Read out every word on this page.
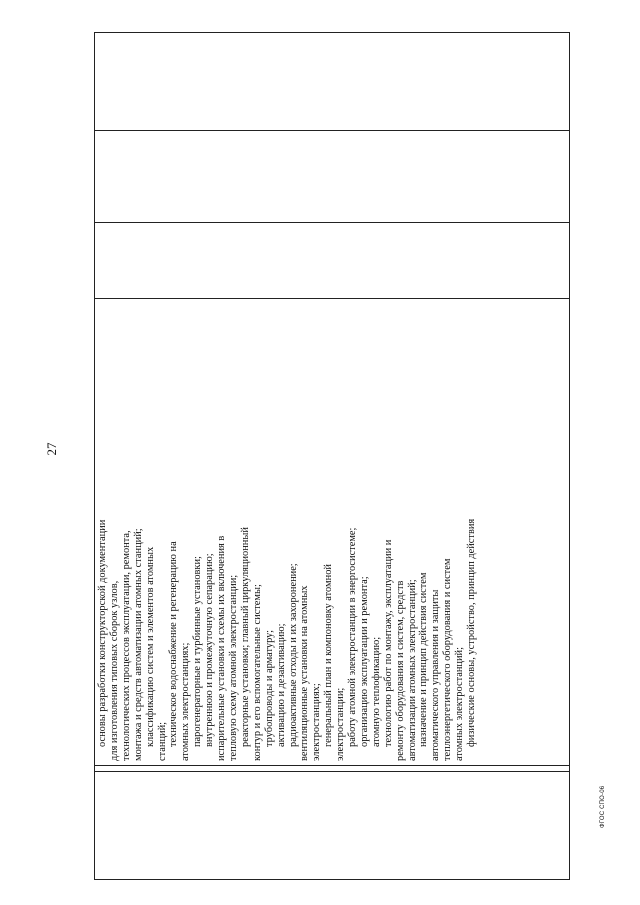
основы разработки конструкторской документации для изготовления типовых сборок узлов, технологических процессов эксплуатации, ремонта, монтажа и средств автоматизации атомных станций; классификацию систем и элементов атомных станций; техническое водоснабжение и регенерацию на атомных электростанциях; парогенераторные и турбинные установки; внутреннюю и промежуточную сепарацию; испарительные установки и схемы их включения в тепловую схему атомной электростанции; реакторные установки; главный циркуляционный контур и его вспомогательные системы; трубопроводы и арматуру; активацию и дезактивацию; радиоактивные отходы и их захоронение; вентиляционные установки на атомных электростанциях; генеральный план и компоновку атомной электростанции; работу атомной электростанции в энергосистеме; организацию эксплуатации и ремонта; атомную теплофикацию; технологию работ по монтажу, эксплуатации и ремонту оборудования и систем, средств автоматизации атомных электростанций; назначение и принцип действия систем автоматического управления и защиты теплоэнергетического оборудования и систем атомных электростанций; физические основы, устройство, принцип действия

27
ФГОС СПО-06
